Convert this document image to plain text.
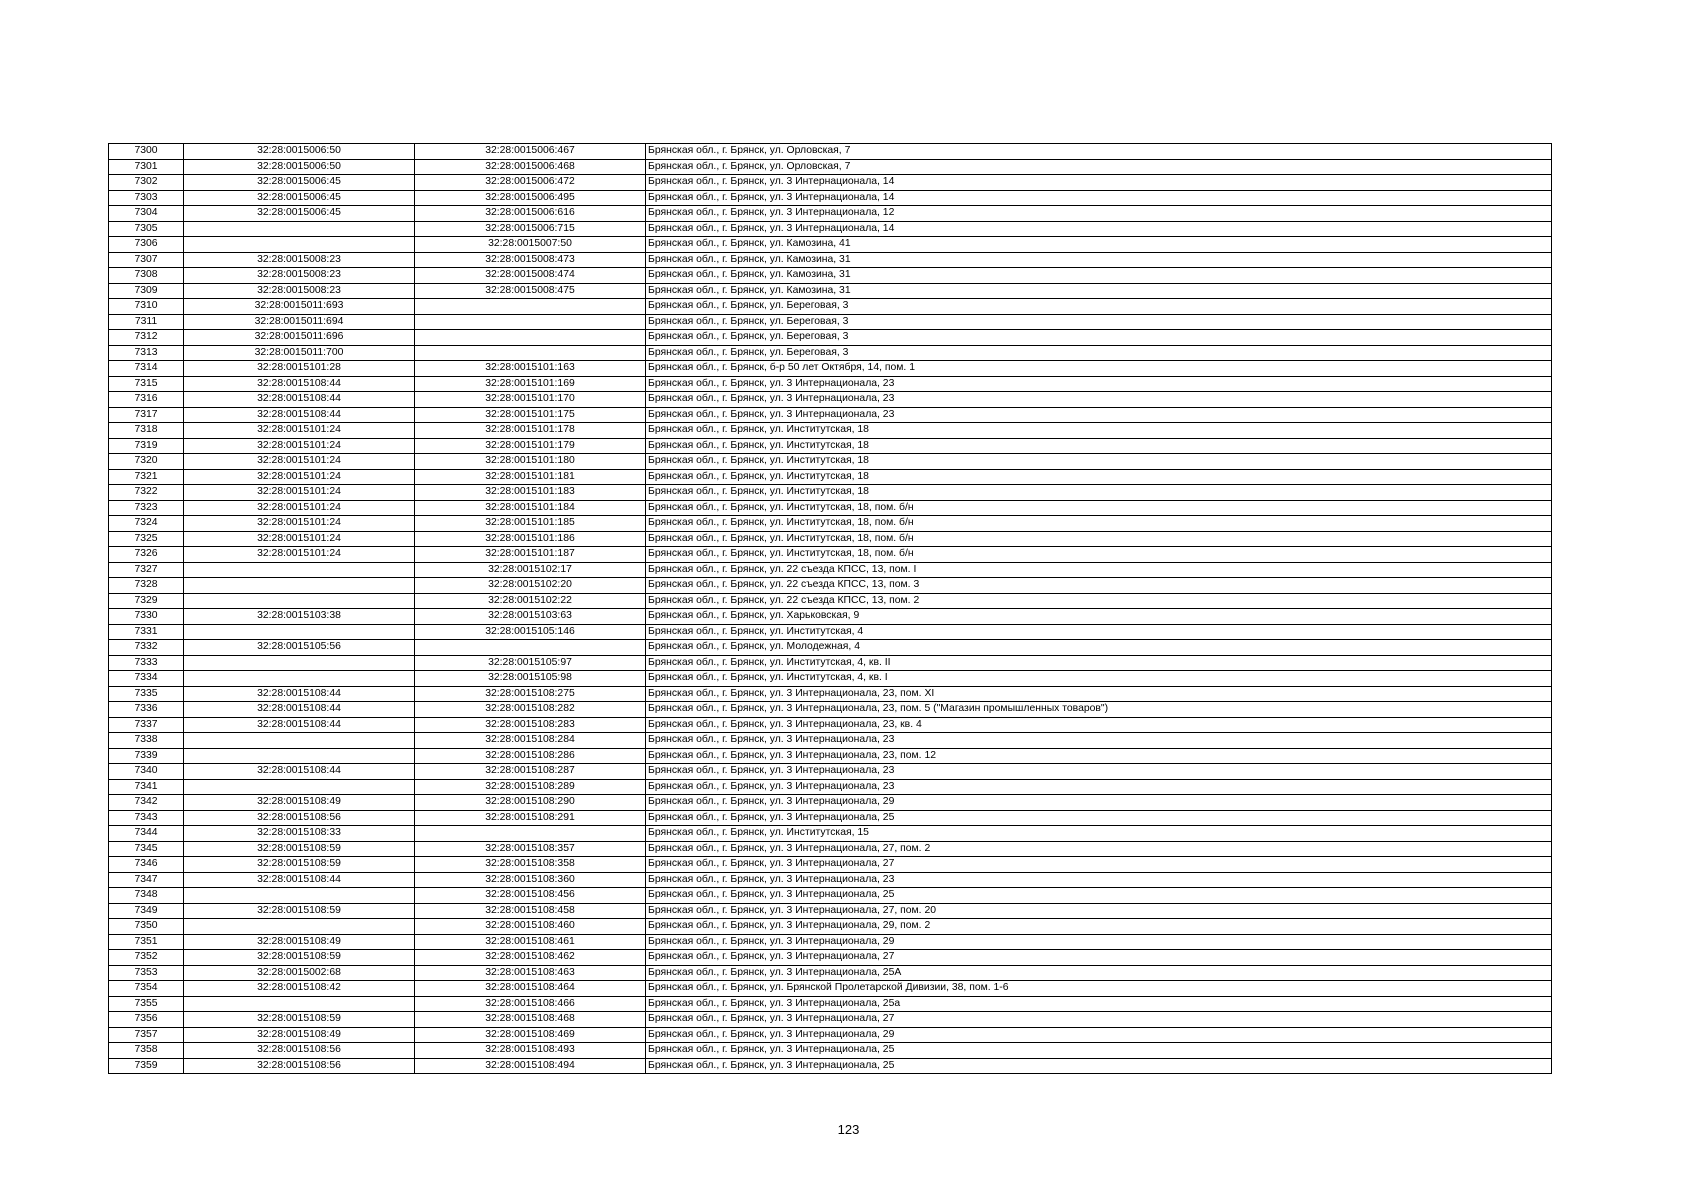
7300	32:28:0015006:50	32:28:0015006:467	Брянская обл., г. Брянск, ул. Орловская, 7
7301	32:28:0015006:50	32:28:0015006:468	Брянская обл., г. Брянск, ул. Орловская, 7
7302	32:28:0015006:45	32:28:0015006:472	Брянская обл., г. Брянск, ул. 3 Интернационала, 14
7303	32:28:0015006:45	32:28:0015006:495	Брянская обл., г. Брянск, ул. 3 Интернационала, 14
7304	32:28:0015006:45	32:28:0015006:616	Брянская обл., г. Брянск, ул. 3 Интернационала, 12
7305		32:28:0015006:715	Брянская обл., г. Брянск, ул. 3 Интернационала, 14
7306		32:28:0015007:50	Брянская обл., г. Брянск, ул. Камозина, 41
7307	32:28:0015008:23	32:28:0015008:473	Брянская обл., г. Брянск, ул. Камозина, 31
7308	32:28:0015008:23	32:28:0015008:474	Брянская обл., г. Брянск, ул. Камозина, 31
7309	32:28:0015008:23	32:28:0015008:475	Брянская обл., г. Брянск, ул. Камозина, 31
7310	32:28:0015011:693		Брянская обл., г. Брянск, ул. Береговая, 3
7311	32:28:0015011:694		Брянская обл., г. Брянск, ул. Береговая, 3
7312	32:28:0015011:696		Брянская обл., г. Брянск, ул. Береговая, 3
7313	32:28:0015011:700		Брянская обл., г. Брянск, ул. Береговая, 3
7314	32:28:0015101:28	32:28:0015101:163	Брянская обл., г. Брянск, б-р 50 лет Октября, 14, пом. 1
7315	32:28:0015108:44	32:28:0015101:169	Брянская обл., г. Брянск, ул. 3 Интернационала, 23
7316	32:28:0015108:44	32:28:0015101:170	Брянская обл., г. Брянск, ул. 3 Интернационала, 23
7317	32:28:0015108:44	32:28:0015101:175	Брянская обл., г. Брянск, ул. 3 Интернационала, 23
7318	32:28:0015101:24	32:28:0015101:178	Брянская обл., г. Брянск, ул. Институтская, 18
7319	32:28:0015101:24	32:28:0015101:179	Брянская обл., г. Брянск, ул. Институтская, 18
7320	32:28:0015101:24	32:28:0015101:180	Брянская обл., г. Брянск, ул. Институтская, 18
7321	32:28:0015101:24	32:28:0015101:181	Брянская обл., г. Брянск, ул. Институтская, 18
7322	32:28:0015101:24	32:28:0015101:183	Брянская обл., г. Брянск, ул. Институтская, 18
7323	32:28:0015101:24	32:28:0015101:184	Брянская обл., г. Брянск, ул. Институтская, 18, пом. б/н
7324	32:28:0015101:24	32:28:0015101:185	Брянская обл., г. Брянск, ул. Институтская, 18, пом. б/н
7325	32:28:0015101:24	32:28:0015101:186	Брянская обл., г. Брянск, ул. Институтская, 18, пом. б/н
7326	32:28:0015101:24	32:28:0015101:187	Брянская обл., г. Брянск, ул. Институтская, 18, пом. б/н
7327		32:28:0015102:17	Брянская обл., г. Брянск, ул. 22 съезда КПСС, 13, пом. I
7328		32:28:0015102:20	Брянская обл., г. Брянск, ул. 22 съезда КПСС, 13, пом. 3
7329		32:28:0015102:22	Брянская обл., г. Брянск, ул. 22 съезда КПСС, 13, пом. 2
7330	32:28:0015103:38	32:28:0015103:63	Брянская обл., г. Брянск, ул. Харьковская, 9
7331		32:28:0015105:146	Брянская обл., г. Брянск, ул. Институтская, 4
7332	32:28:0015105:56		Брянская обл., г. Брянск, ул. Молодежная, 4
7333		32:28:0015105:97	Брянская обл., г. Брянск, ул. Институтская, 4, кв. II
7334		32:28:0015105:98	Брянская обл., г. Брянск, ул. Институтская, 4, кв. I
7335	32:28:0015108:44	32:28:0015108:275	Брянская обл., г. Брянск, ул. 3 Интернационала, 23, пом. XI
7336	32:28:0015108:44	32:28:0015108:282	Брянская обл., г. Брянск, ул. 3 Интернационала, 23, пом. 5 ("Магазин промышленных товаров")
7337	32:28:0015108:44	32:28:0015108:283	Брянская обл., г. Брянск, ул. 3 Интернационала, 23, кв. 4
7338		32:28:0015108:284	Брянская обл., г. Брянск, ул. 3 Интернационала, 23
7339		32:28:0015108:286	Брянская обл., г. Брянск, ул. 3 Интернационала, 23, пом. 12
7340	32:28:0015108:44	32:28:0015108:287	Брянская обл., г. Брянск, ул. 3 Интернационала, 23
7341		32:28:0015108:289	Брянская обл., г. Брянск, ул. 3 Интернационала, 23
7342	32:28:0015108:49	32:28:0015108:290	Брянская обл., г. Брянск, ул. 3 Интернационала, 29
7343	32:28:0015108:56	32:28:0015108:291	Брянская обл., г. Брянск, ул. 3 Интернационала, 25
7344	32:28:0015108:33		Брянская обл., г. Брянск, ул. Институтская, 15
7345	32:28:0015108:59	32:28:0015108:357	Брянская обл., г. Брянск, ул. 3 Интернационала, 27, пом. 2
7346	32:28:0015108:59	32:28:0015108:358	Брянская обл., г. Брянск, ул. 3 Интернационала, 27
7347	32:28:0015108:44	32:28:0015108:360	Брянская обл., г. Брянск, ул. 3 Интернационала, 23
7348		32:28:0015108:456	Брянская обл., г. Брянск, ул. 3 Интернационала, 25
7349	32:28:0015108:59	32:28:0015108:458	Брянская обл., г. Брянск, ул. 3 Интернационала, 27, пом. 20
7350		32:28:0015108:460	Брянская обл., г. Брянск, ул. 3 Интернационала, 29, пом. 2
7351	32:28:0015108:49	32:28:0015108:461	Брянская обл., г. Брянск, ул. 3 Интернационала, 29
7352	32:28:0015108:59	32:28:0015108:462	Брянская обл., г. Брянск, ул. 3 Интернационала, 27
7353	32:28:0015002:68	32:28:0015108:463	Брянская обл., г. Брянск, ул. 3 Интернационала, 25А
7354	32:28:0015108:42	32:28:0015108:464	Брянская обл., г. Брянск, ул. Брянской Пролетарской Дивизии, 38, пом. 1-6
7355		32:28:0015108:466	Брянская обл., г. Брянск, ул. 3 Интернационала, 25а
7356	32:28:0015108:59	32:28:0015108:468	Брянская обл., г. Брянск, ул. 3 Интернационала, 27
7357	32:28:0015108:49	32:28:0015108:469	Брянская обл., г. Брянск, ул. 3 Интернационала, 29
7358	32:28:0015108:56	32:28:0015108:493	Брянская обл., г. Брянск, ул. 3 Интернационала, 25
7359	32:28:0015108:56	32:28:0015108:494	Брянская обл., г. Брянск, ул. 3 Интернационала, 25
123
